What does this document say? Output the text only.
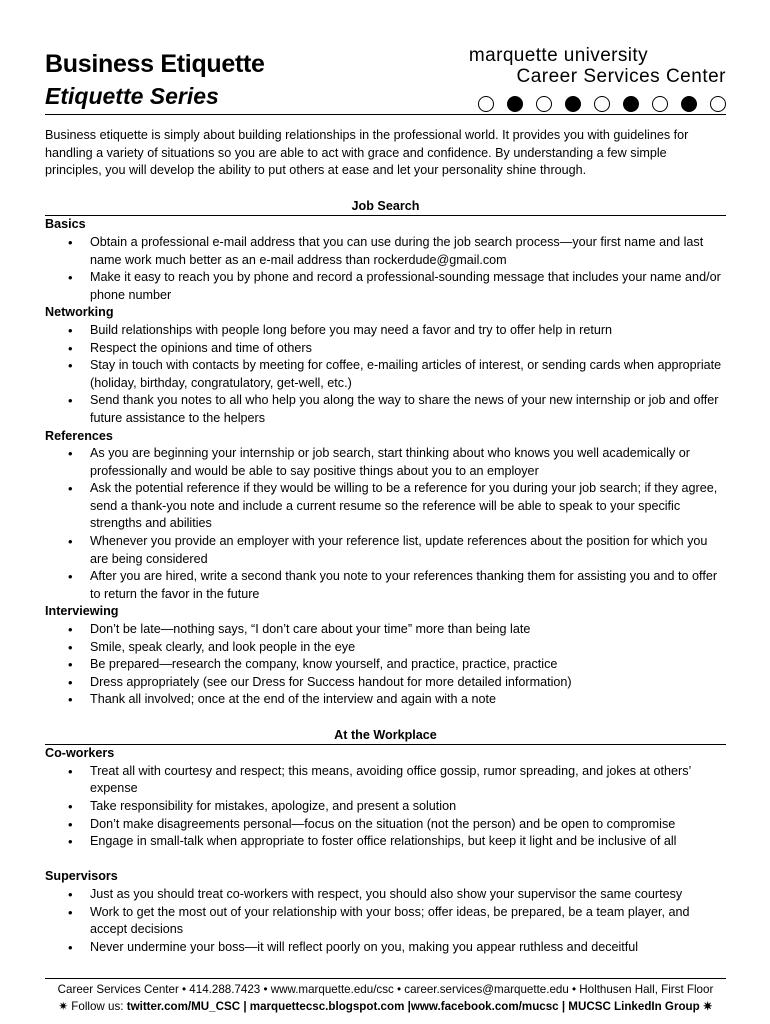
Business Etiquette
Etiquette Series
marquette university
Career Services Center

Business etiquette is simply about building relationships in the professional world. It provides you with guidelines for handling a variety of situations so you are able to act with grace and confidence. By understanding a few simple principles, you will develop the ability to put others at ease and let your personality shine through.

Job Search
Basics
• Obtain a professional e-mail address that you can use during the job search process—your first name and last name work much better as an e-mail address than rockerdude@gmail.com
• Make it easy to reach you by phone and record a professional-sounding message that includes your name and/or phone number
Networking
• Build relationships with people long before you may need a favor and try to offer help in return
• Respect the opinions and time of others
• Stay in touch with contacts by meeting for coffee, e-mailing articles of interest, or sending cards when appropriate (holiday, birthday, congratulatory, get-well, etc.)
• Send thank you notes to all who help you along the way to share the news of your new internship or job and offer future assistance to the helpers
References
• As you are beginning your internship or job search, start thinking about who knows you well academically or professionally and would be able to say positive things about you to an employer
• Ask the potential reference if they would be willing to be a reference for you during your job search; if they agree, send a thank-you note and include a current resume so the reference will be able to speak to your specific strengths and abilities
• Whenever you provide an employer with your reference list, update references about the position for which you are being considered
• After you are hired, write a second thank you note to your references thanking them for assisting you and to offer to return the favor in the future
Interviewing
• Don’t be late—nothing says, “I don’t care about your time” more than being late
• Smile, speak clearly, and look people in the eye
• Be prepared—research the company, know yourself, and practice, practice, practice
• Dress appropriately (see our Dress for Success handout for more detailed information)
• Thank all involved; once at the end of the interview and again with a note
At the Workplace
Co-workers
• Treat all with courtesy and respect; this means, avoiding office gossip, rumor spreading, and jokes at others’ expense
• Take responsibility for mistakes, apologize, and present a solution
• Don’t make disagreements personal—focus on the situation (not the person) and be open to compromise
• Engage in small-talk when appropriate to foster office relationships, but keep it light and be inclusive of all
Supervisors
• Just as you should treat co-workers with respect, you should also show your supervisor the same courtesy
• Work to get the most out of your relationship with your boss; offer ideas, be prepared, be a team player, and accept decisions
• Never undermine your boss—it will reflect poorly on you, making you appear ruthless and deceitful
Career Services Center • 414.288.7423 • www.marquette.edu/csc • career.services@marquette.edu • Holthusen Hall, First Floor
✷ Follow us: twitter.com/MU_CSC | marquettecsc.blogspot.com |www.facebook.com/mucsc | MUCSC LinkedIn Group ✷
